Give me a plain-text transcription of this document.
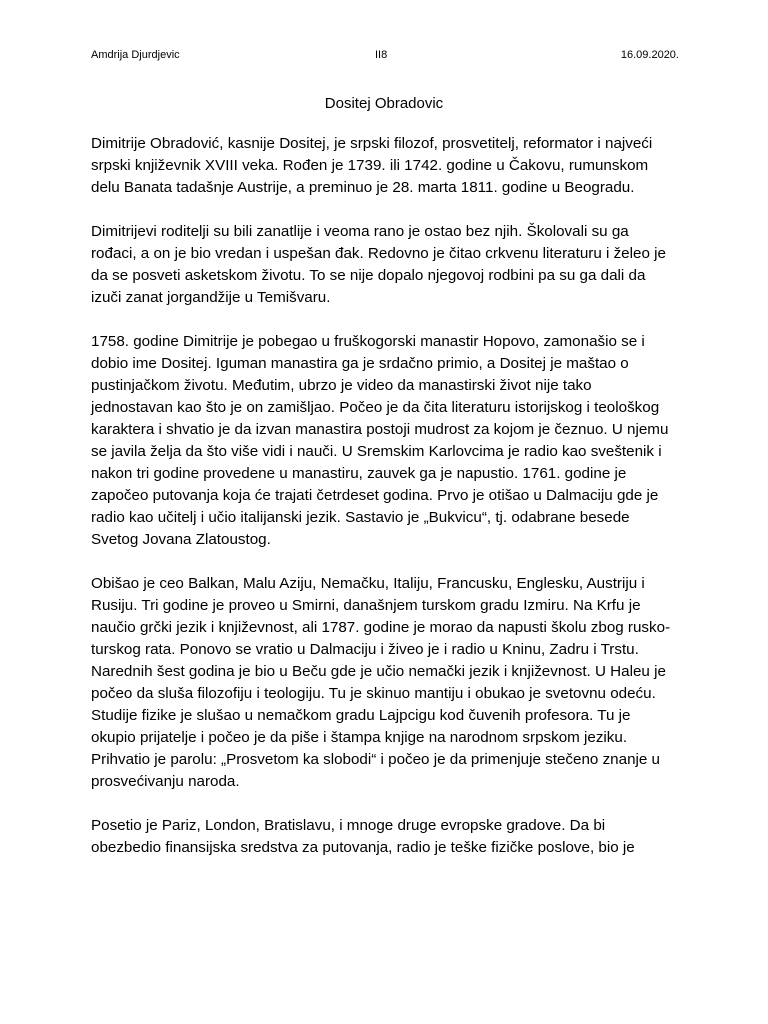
Amdrija Djurdjevic	II8	16.09.2020.
Dositej Obradovic

Dimitrije Obradović, kasnije Dositej, je srpski filozof, prosvetitelj, reformator i najveći srpski književnik XVIII veka. Rođen je 1739. ili 1742. godine u Čakovu, rumunskom delu Banata tadašnje Austrije, a preminuo je 28. marta 1811. godine u Beogradu.

Dimitrijevi roditelji su bili zanatlije i veoma rano je ostao bez njih. Školovali su ga rođaci, a on je bio vredan i uspešan đak. Redovno je čitao crkvenu literaturu i želeo je da se posveti asketskom životu. To se nije dopalo njegovoj rodbini pa su ga dali da izuči zanat jorgandžije u Temišvaru.

1758. godine Dimitrije je pobegao u fruškogorski manastir Hopovo, zamonašio se i dobio ime Dositej. Iguman manastira ga je srdačno primio, a Dositej je maštao o pustinjačkom životu. Međutim, ubrzo je video da manastirski život nije tako jednostavan kao što je on zamišljao. Počeo je da čita literaturu istorijskog i teološkog karaktera i shvatio je da izvan manastira postoji mudrost za kojom je čeznuo. U njemu se javila želja da što više vidi i nauči. U Sremskim Karlovcima je radio kao sveštenik i nakon tri godine provedene u manastiru, zauvek ga je napustio. 1761. godine je započeo putovanja koja će trajati četrdeset godina. Prvo je otišao u Dalmaciju gde je radio kao učitelj i učio italijanski jezik. Sastavio je „Bukvicu“, tj. odabrane besede Svetog Jovana Zlatoustog.

Obišao je ceo Balkan, Malu Aziju, Nemačku, Italiju, Francusku, Englesku, Austriju i Rusiju. Tri godine je proveo u Smirni, današnjem turskom gradu Izmiru. Na Krfu je naučio grčki jezik i književnost, ali 1787. godine je morao da napusti školu zbog rusko-turskog rata. Ponovo se vratio u Dalmaciju i živeo je i radio u Kninu, Zadru i Trstu. Narednih šest godina je bio u Beču gde je učio nemački jezik i književnost. U Haleu je počeo da sluša filozofiju i teologiju. Tu je skinuo mantiju i obukao je svetovnu odeću. Studije fizike je slušao u nemačkom gradu Lajpcigu kod čuvenih profesora. Tu je okupio prijatelje i počeo je da piše i štampa knjige na narodnom srpskom jeziku. Prihvatio je parolu: „Prosvetom ka slobodi“ i počeo je da primenjuje stečeno znanje u prosvećivanju naroda.

Posetio je Pariz, London, Bratislavu, i mnoge druge evropske gradove. Da bi obezbedio finansijska sredstva za putovanja, radio je teške fizičke poslove, bio je
